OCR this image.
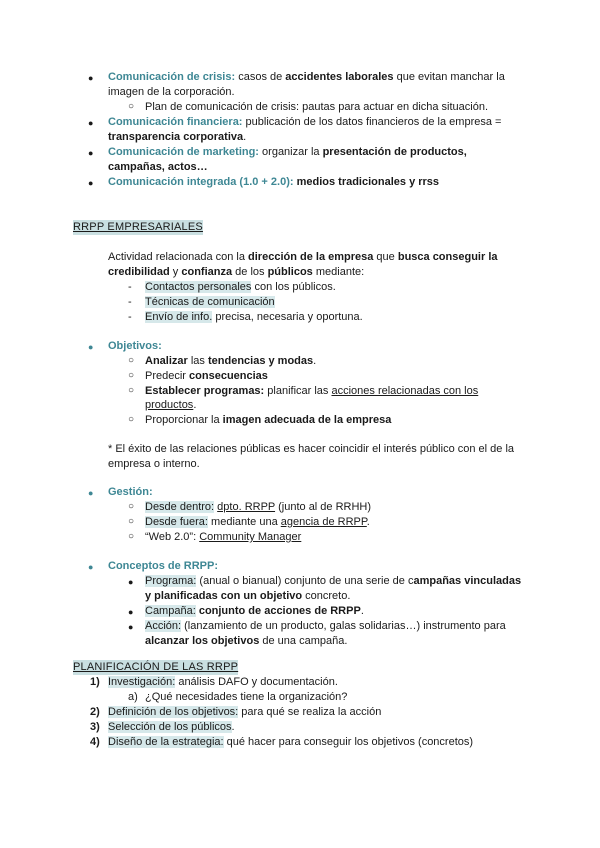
● Comunicación de crisis: casos de accidentes laborales que evitan manchar la
imagen de la corporación.
○ Plan de comunicación de crisis: pautas para actuar en dicha situación.
● Comunicación financiera: publicación de los datos financieros de la empresa =
transparencia corporativa.
● Comunicación de marketing: organizar la presentación de productos,
campañas, actos…
● Comunicación integrada (1.0 + 2.0): medios tradicionales y rrss
RRPP EMPRESARIALES
Actividad relacionada con la dirección de la empresa que busca conseguir la
credibilidad y confianza de los públicos mediante:
- Contactos personales con los públicos.
- Técnicas de comunicación
- Envío de info. precisa, necesaria y oportuna.
● Objetivos:
○ Analizar las tendencias y modas.
○ Predecir consecuencias
○ Establecer programas: planificar las acciones relacionadas con los
productos.
○ Proporcionar la imagen adecuada de la empresa
* El éxito de las relaciones públicas es hacer coincidir el interés público con el de la
empresa o interno.
● Gestión:
○ Desde dentro: dpto. RRPP (junto al de RRHH)
○ Desde fuera: mediante una agencia de RRPP.
○ “Web 2.0”: Community Manager
● Conceptos de RRPP:
● Programa: (anual o bianual) conjunto de una serie de campañas vinculadas
y planificadas con un objetivo concreto.
● Campaña: conjunto de acciones de RRPP.
● Acción: (lanzamiento de un producto, galas solidarias…) instrumento para
alcanzar los objetivos de una campaña.
PLANIFICACIÓN DE LAS RRPP
1) Investigación: análisis DAFO y documentación.
a) ¿Qué necesidades tiene la organización?
2) Definición de los objetivos: para qué se realiza la acción
3) Selección de los públicos.
4) Diseño de la estrategia: qué hacer para conseguir los objetivos (concretos)
